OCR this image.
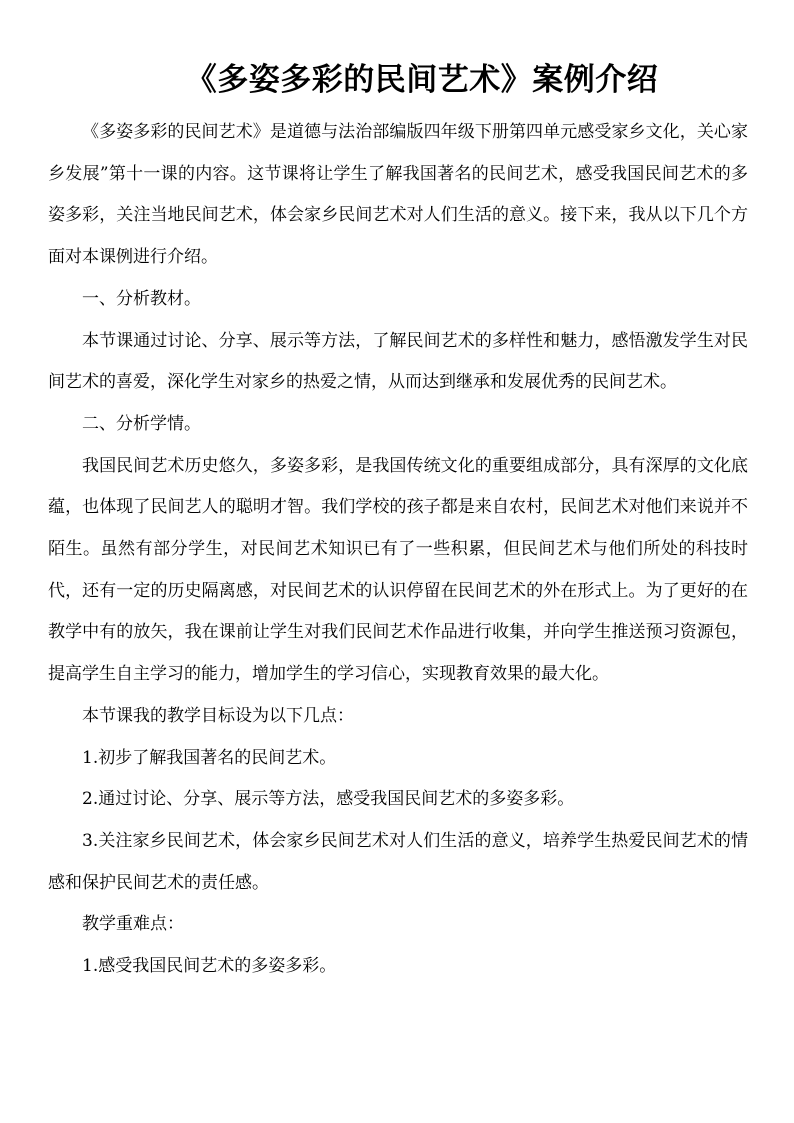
《多姿多彩的民间艺术》案例介绍

《多姿多彩的民间艺术》是道德与法治部编版四年级下册第四单元感受家乡文化，关心家乡发展”第十一课的内容。这节课将让学生了解我国著名的民间艺术，感受我国民间艺术的多姿多彩，关注当地民间艺术，体会家乡民间艺术对人们生活的意义。接下来，我从以下几个方面对本课例进行介绍。

一、分析教材。

本节课通过讨论、分享、展示等方法，了解民间艺术的多样性和魅力，感悟激发学生对民间艺术的喜爱，深化学生对家乡的热爱之情，从而达到继承和发展优秀的民间艺术。

二、分析学情。

我国民间艺术历史悠久，多姿多彩，是我国传统文化的重要组成部分，具有深厚的文化底蕴，也体现了民间艺人的聪明才智。我们学校的孩子都是来自农村，民间艺术对他们来说并不陌生。虽然有部分学生，对民间艺术知识已有了一些积累，但民间艺术与他们所处的科技时代，还有一定的历史隔离感，对民间艺术的认识停留在民间艺术的外在形式上。为了更好的在教学中有的放矢，我在课前让学生对我们民间艺术作品进行收集，并向学生推送预习资源包，提高学生自主学习的能力，增加学生的学习信心，实现教育效果的最大化。

本节课我的教学目标设为以下几点：

1.初步了解我国著名的民间艺术。

2.通过讨论、分享、展示等方法，感受我国民间艺术的多姿多彩。

3.关注家乡民间艺术，体会家乡民间艺术对人们生活的意义，培养学生热爱民间艺术的情感和保护民间艺术的责任感。

教学重难点：

1.感受我国民间艺术的多姿多彩。
